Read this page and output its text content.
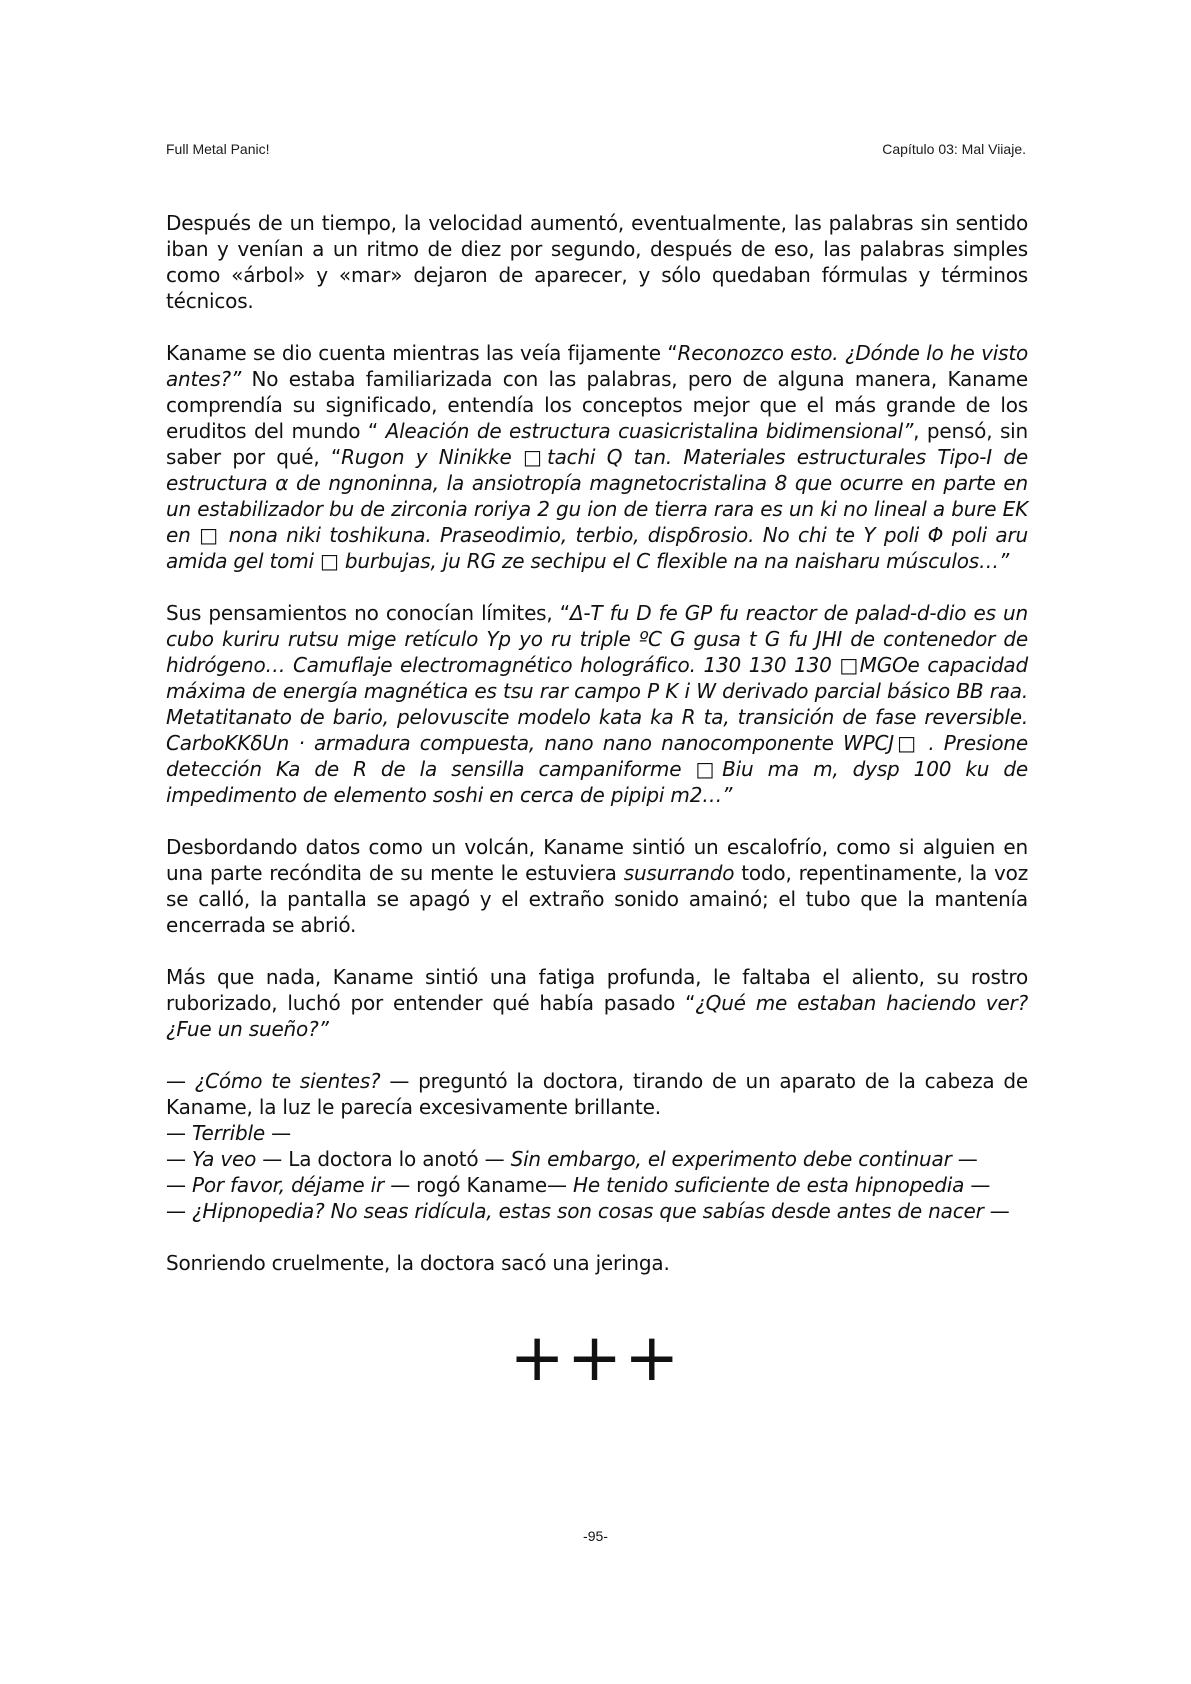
Full Metal Panic!	Capítulo 03: Mal Viiaje.

Después de un tiempo, la velocidad aumentó, eventualmente, las palabras sin sentido iban y venían a un ritmo de diez por segundo, después de eso, las palabras simples como «árbol» y «mar» dejaron de aparecer, y sólo quedaban fórmulas y términos técnicos.

Kaname se dio cuenta mientras las veía fijamente “Reconozco esto. ¿Dónde lo he visto antes?” No estaba familiarizada con las palabras, pero de alguna manera, Kaname comprendía su significado, entendía los conceptos mejor que el más grande de los eruditos del mundo “ Aleación de estructura cuasicristalina bidimensional”, pensó, sin saber por qué, “Rugon y Ninikke □tachi Q tan. Materiales estructurales Tipo-I de estructura α de ngnoninna, la ansiotropía magnetocristalina 8 que ocurre en parte en un estabilizador bu de zirconia roriya 2 gu ion de tierra rara es un ki no lineal a bure EK en □ nona niki toshikuna. Praseodimio, terbio, dispδrosio. No chi te Y poli Φ poli aru amida gel tomi □ burbujas, ju RG ze sechipu el C flexible na na naisharu músculos…”

Sus pensamientos no conocían límites, “Δ-T fu D fe GP fu reactor de palad-d-dio es un cubo kuriru rutsu mige retículo Yp yo ru triple ºC G gusa t G fu JHI de contenedor de hidrógeno… Camuflaje electromagnético holográfico. 130 130 130 □MGOe capacidad máxima de energía magnética es tsu rar campo P K i W derivado parcial básico BB raa. Metatitanato de bario, pelovuscite modelo kata ka R ta, transición de fase reversible. CarboKKδUn · armadura compuesta, nano nano nanocomponente WPCJ□ . Presione detección Ka de R de la sensilla campaniforme □Biu ma m, dysp 100 ku de impedimento de elemento soshi en cerca de pipipi m2…”

Desbordando datos como un volcán, Kaname sintió un escalofrío, como si alguien en una parte recóndita de su mente le estuviera susurrando todo, repentinamente, la voz se calló, la pantalla se apagó y el extraño sonido amainó; el tubo que la mantenía encerrada se abrió.

Más que nada, Kaname sintió una fatiga profunda, le faltaba el aliento, su rostro ruborizado, luchó por entender qué había pasado “¿Qué me estaban haciendo ver? ¿Fue un sueño?”

— ¿Cómo te sientes? — preguntó la doctora, tirando de un aparato de la cabeza de Kaname, la luz le parecía excesivamente brillante.

— Terrible —

— Ya veo — La doctora lo anotó — Sin embargo, el experimento debe continuar —

— Por favor, déjame ir — rogó Kaname— He tenido suficiente de esta hipnopedia —

— ¿Hipnopedia? No seas ridícula, estas son cosas que sabías desde antes de nacer —

Sonriendo cruelmente, la doctora sacó una jeringa.

+++
-95-
